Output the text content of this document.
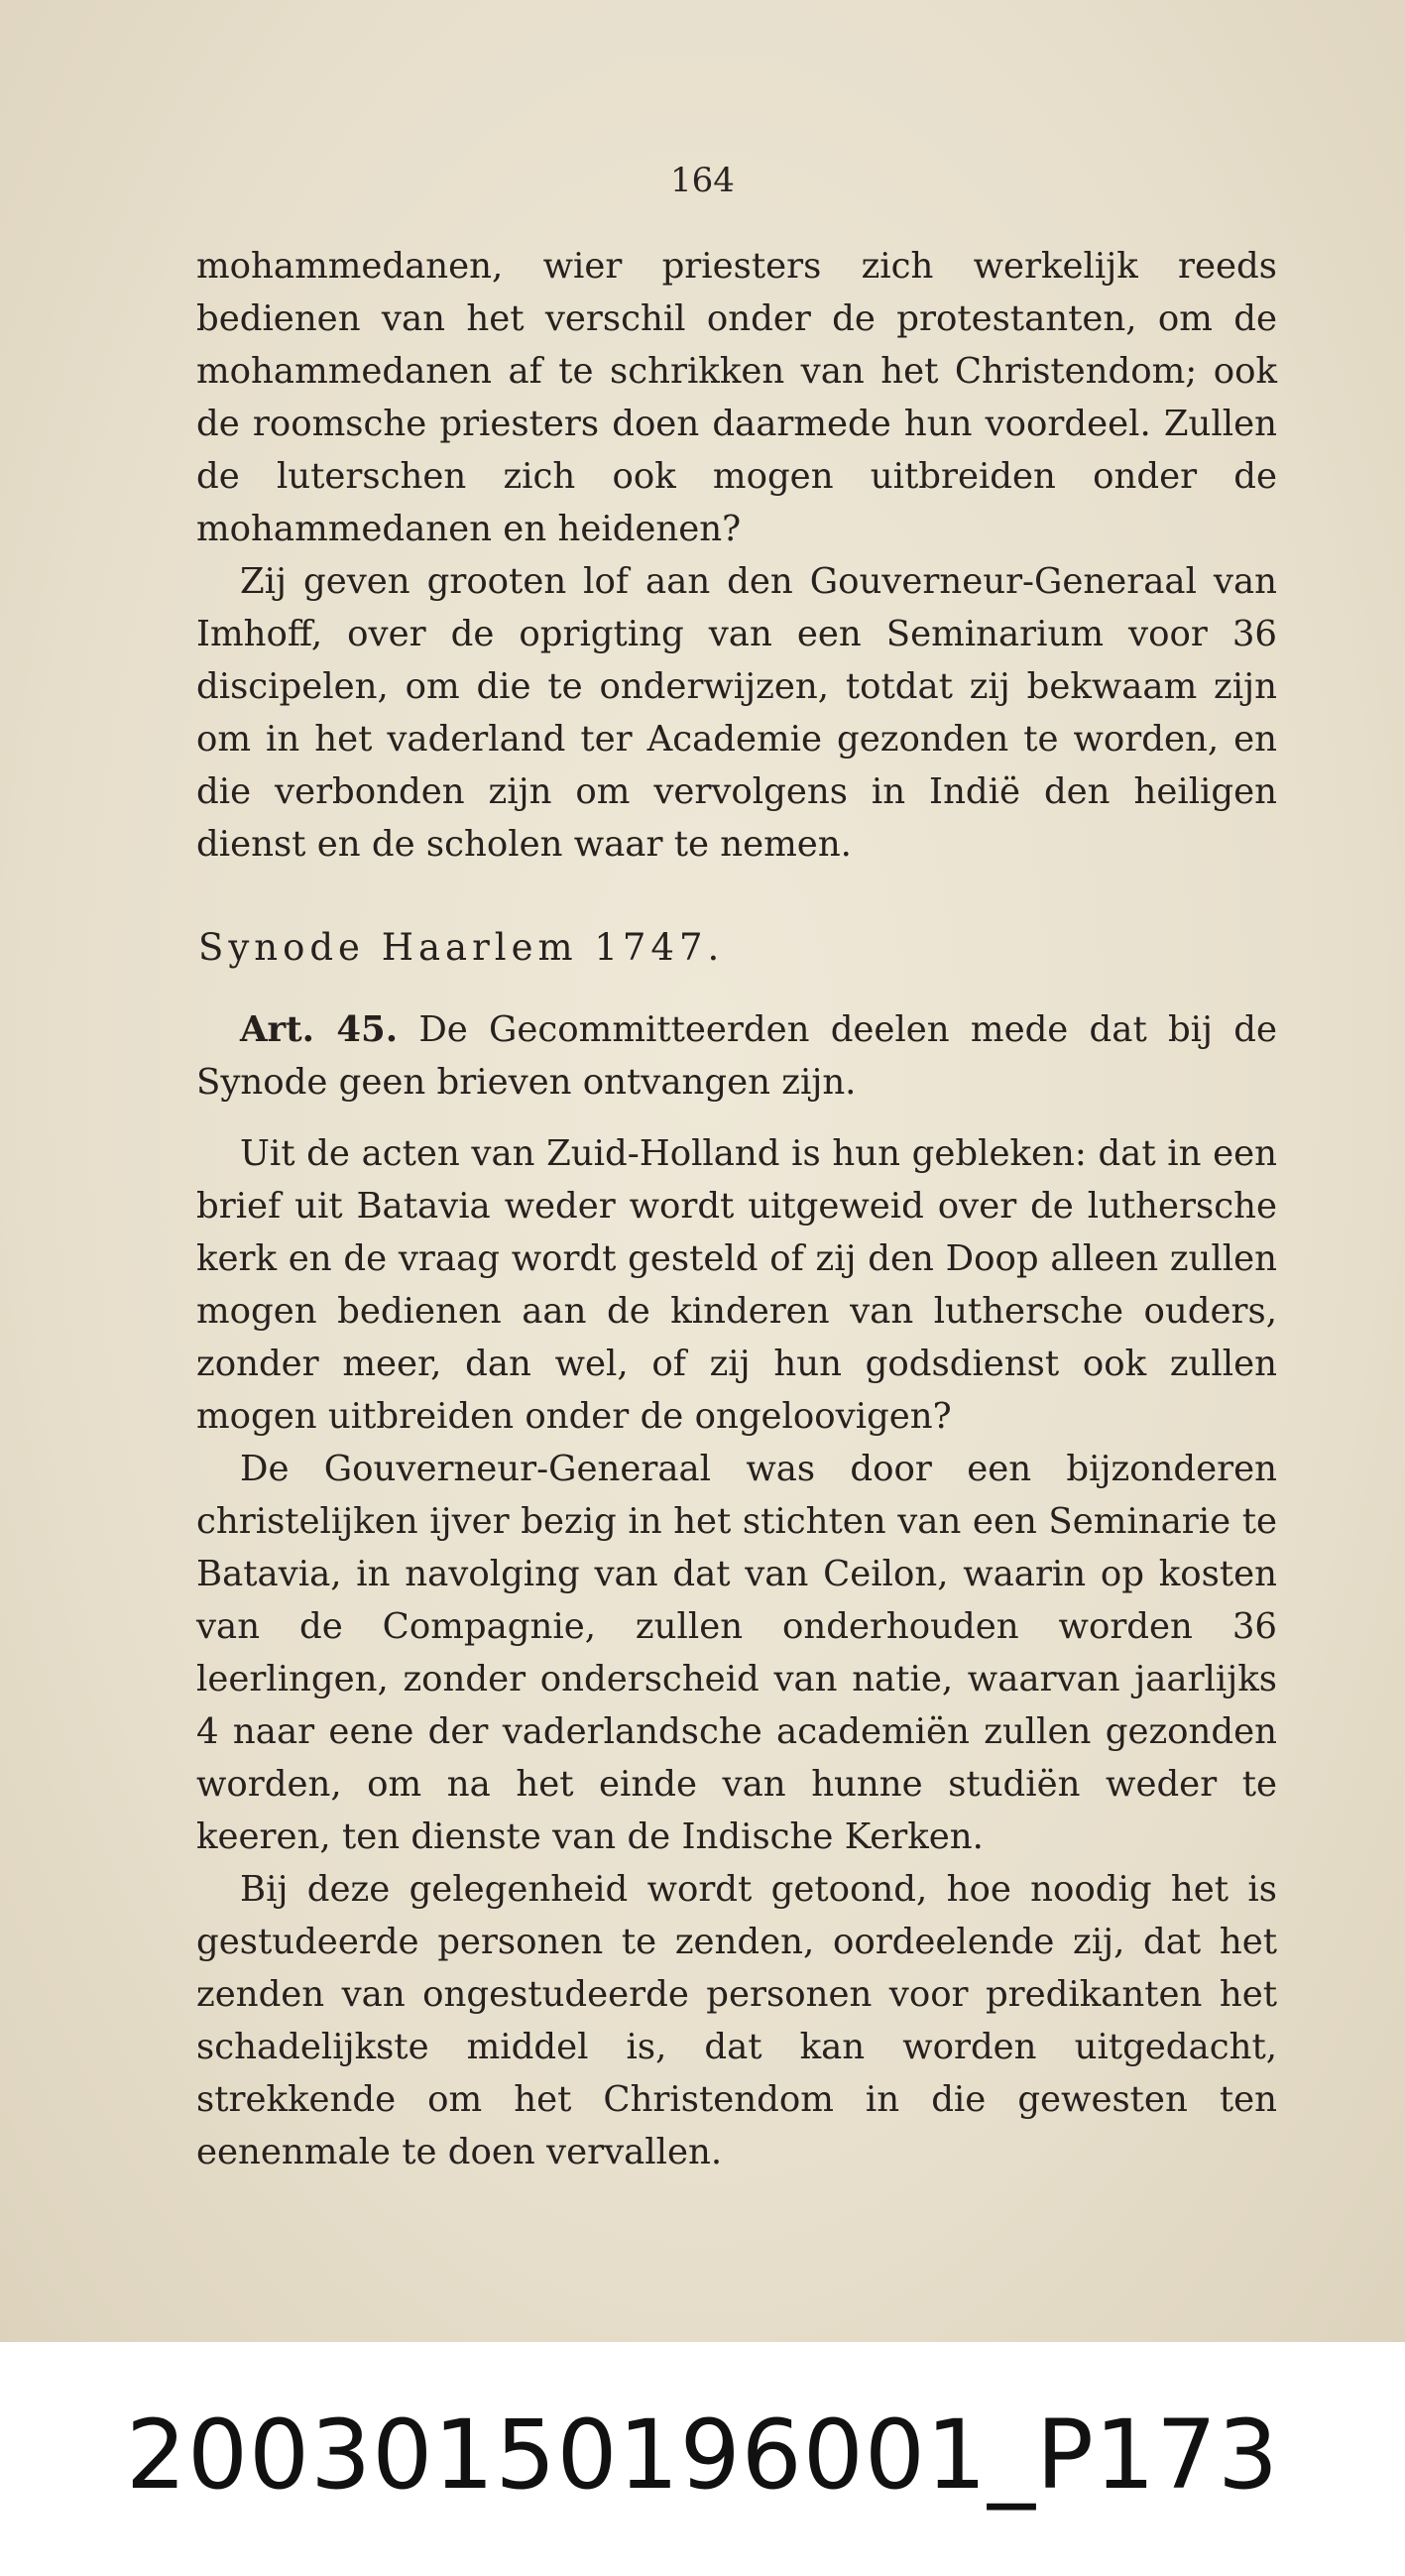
164

mohammedanen, wier priesters zich werkelijk reeds bedienen van het verschil onder de protestanten, om de mohammedanen af te schrikken van het Christendom; ook de roomsche priesters doen daarmede hun voordeel. Zullen de luterschen zich ook mogen uitbreiden onder de mohammedanen en heidenen?

Zij geven grooten lof aan den Gouverneur-Generaal van Imhoff, over de oprigting van een Seminarium voor 36 discipelen, om die te onderwijzen, totdat zij bekwaam zijn om in het vaderland ter Academie gezonden te worden, en die verbonden zijn om vervolgens in Indië den heiligen dienst en de scholen waar te nemen.

Synode Haarlem 1747.

Art. 45. De Gecommitteerden deelen mede dat bij de Synode geen brieven ontvangen zijn.

Uit de acten van Zuid-Holland is hun gebleken: dat in een brief uit Batavia weder wordt uitgeweid over de luthersche kerk en de vraag wordt gesteld of zij den Doop alleen zullen mogen bedienen aan de kinderen van luthersche ouders, zonder meer, dan wel, of zij hun godsdienst ook zullen mogen uitbreiden onder de ongeloovigen?

De Gouverneur-Generaal was door een bijzonderen christelijken ijver bezig in het stichten van een Seminarie te Batavia, in navolging van dat van Ceilon, waarin op kosten van de Compagnie, zullen onderhouden worden 36 leerlingen, zonder onderscheid van natie, waarvan jaarlijks 4 naar eene der vaderlandsche academiën zullen gezonden worden, om na het einde van hunne studiën weder te keeren, ten dienste van de Indische Kerken.

Bij deze gelegenheid wordt getoond, hoe noodig het is gestudeerde personen te zenden, oordeelende zij, dat het zenden van ongestudeerde personen voor predikanten het schadelijkste middel is, dat kan worden uitgedacht, strekkende om het Christendom in die gewesten ten eenenmale te doen vervallen.

20030150196001_P173
